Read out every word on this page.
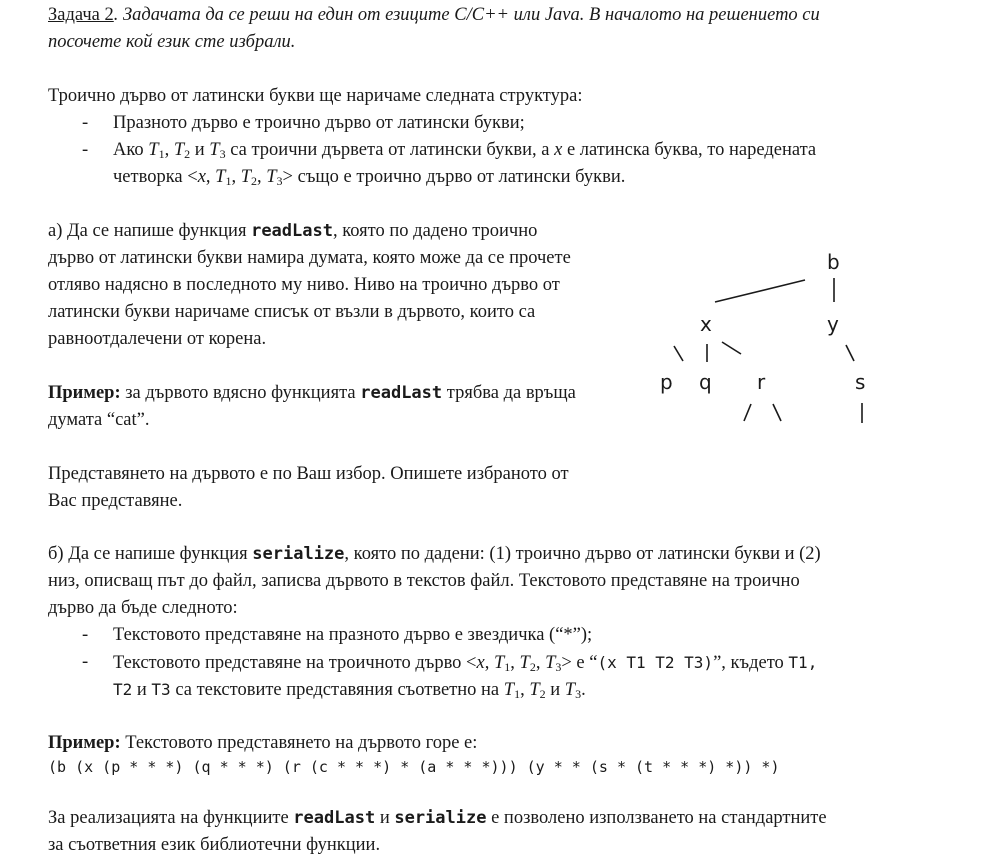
Задача 2. Задачата да се реши на един от езиците C/C++ или Java. В началото на решението си
посочете кой език сте избрали.
Троично дърво от латински букви ще наричаме следната структура:
- Празното дърво е троично дърво от латински букви;
- Ако $T_1$, $T_2$ и $T_3$ са троични дървета от латински букви, а x е латинска буква, то наредената
четворка <x, $T_1$, $T_2$, $T_3>$ също е троично дърво от латински букви.
а) Да се напише функция readLast, която по дадено троично
дърво от латински букви намира думата, която може да се прочете
отляво надясно в последното му ниво. Ниво на троично дърво от
латински букви наричаме списък от възли в дървото, които са
равноотдалечени от корена.
Пример: за дървото вдясно функцията readLast трябва да връща
думата “cat”.
Представянето на дървото е по Ваш избор. Опишете избраното от
Вас представяне.
b
x	y
p q r	s
б) Да се напише функция serialize, която по дадени: (1) троично дърво от латински букви и (2)
низ, описващ път до файл, записва дървото в текстов файл. Текстовото представяне на троично
дърво да бъде следното:
- Текстовото представяне на празното дърво е звездичка (“*”);
- Текстовото представяне на троичното дърво <x, $T_1$, $T_2$, $T_3> е$ “(x T1 T2 T3)”, където T1,
T2 и T3 са текстовите представяния съответно на $T_1$, $T_2$ и $T_3$.
Пример: Текстовото представянето на дървото горе е:
(b (x (p * * *) (q * * *) (r (c * * *) * (a * * *))) (y * * (s * (t * * *) *)) *)
За реализацията на функциите readLast и serialize е позволено използването на стандартните
за съответния език библиотечни функции.
